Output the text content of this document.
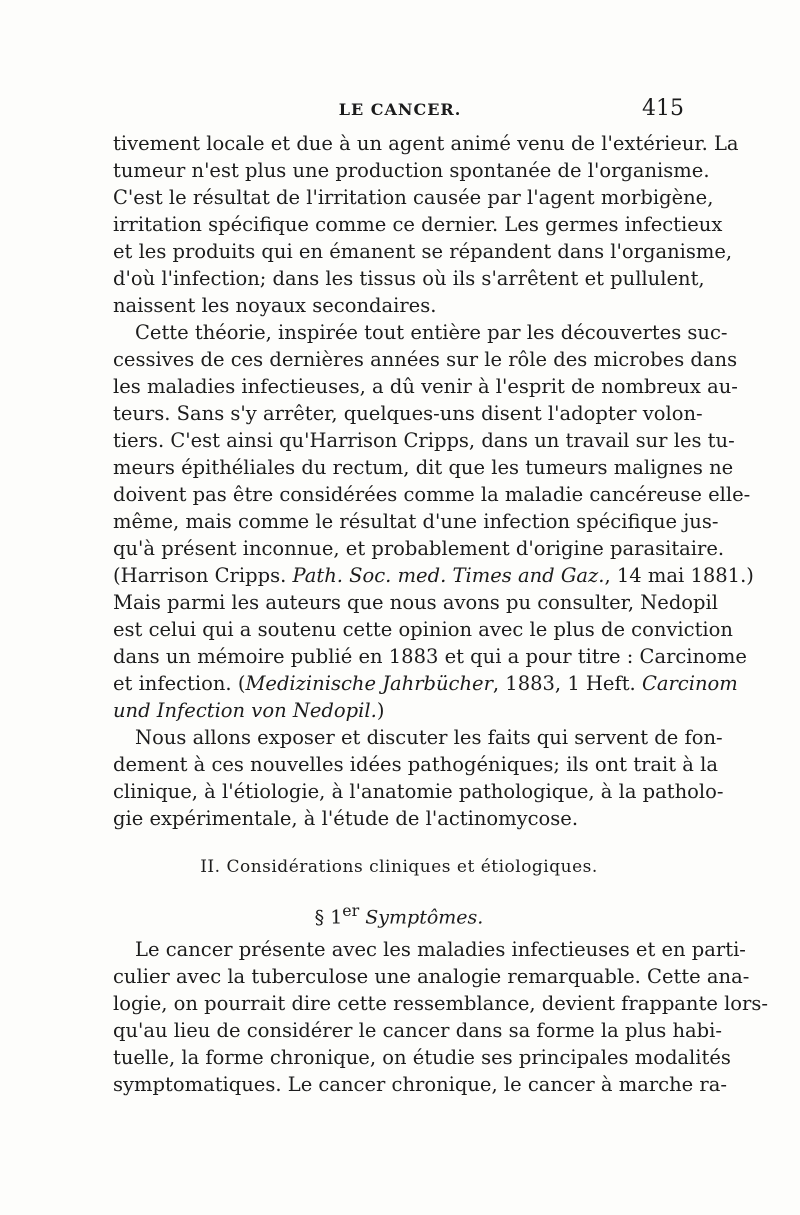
LE CANCER.	415
tivement locale et due à un agent animé venu de l'extérieur. La
tumeur n'est plus une production spontanée de l'organisme.
C'est le résultat de l'irritation causée par l'agent morbigène,
irritation spécifique comme ce dernier. Les germes infectieux
et les produits qui en émanent se répandent dans l'organisme,
d'où l'infection; dans les tissus où ils s'arrêtent et pullulent,
naissent les noyaux secondaires.
Cette théorie, inspirée tout entière par les découvertes suc-
cessives de ces dernières années sur le rôle des microbes dans
les maladies infectieuses, a dû venir à l'esprit de nombreux au-
teurs. Sans s'y arrêter, quelques-uns disent l'adopter volon-
tiers. C'est ainsi qu'Harrison Cripps, dans un travail sur les tu-
meurs épithéliales du rectum, dit que les tumeurs malignes ne
doivent pas être considérées comme la maladie cancéreuse elle-
même, mais comme le résultat d'une infection spécifique jus-
qu'à présent inconnue, et probablement d'origine parasitaire.
(Harrison Cripps. Path. Soc. med. Times and Gaz., 14 mai 1881.)
Mais parmi les auteurs que nous avons pu consulter, Nedopil
est celui qui a soutenu cette opinion avec le plus de conviction
dans un mémoire publié en 1883 et qui a pour titre : Carcinome
et infection. (Medizinische Jahrbücher, 1883, 1 Heft. Carcinom
und Infection von Nedopil.)
Nous allons exposer et discuter les faits qui servent de fon-
dement à ces nouvelles idées pathogéniques; ils ont trait à la
clinique, à l'étiologie, à l'anatomie pathologique, à la patholo-
gie expérimentale, à l'étude de l'actinomycose.
II. Considérations cliniques et étiologiques.
§ 1er Symptômes.
Le cancer présente avec les maladies infectieuses et en parti-
culier avec la tuberculose une analogie remarquable. Cette ana-
logie, on pourrait dire cette ressemblance, devient frappante lors-
qu'au lieu de considérer le cancer dans sa forme la plus habi-
tuelle, la forme chronique, on étudie ses principales modalités
symptomatiques. Le cancer chronique, le cancer à marche ra-
